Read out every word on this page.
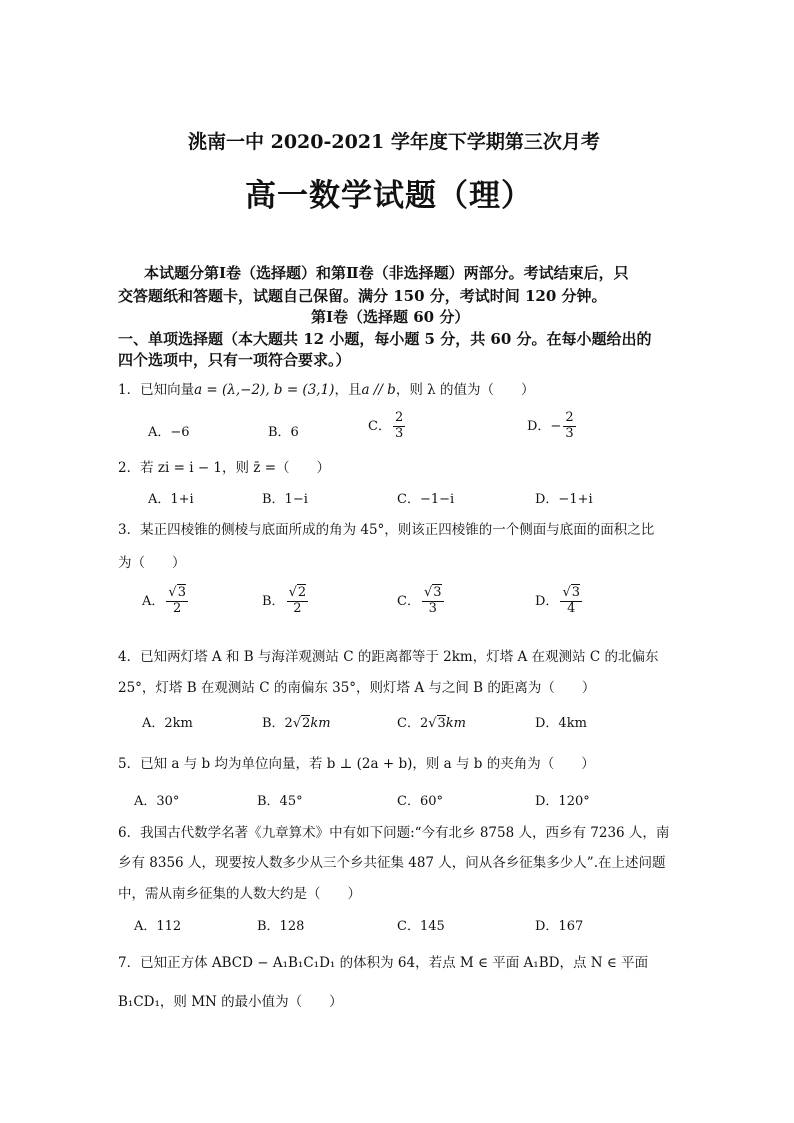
洮南一中 2020-2021 学年度下学期第三次月考
高一数学试题（理）
本试题分第Ⅰ卷（选择题）和第Ⅱ卷（非选择题）两部分。考试结束后，只
交答题纸和答题卡，试题自己保留。满分 150 分，考试时间 120 分钟。
第Ⅰ卷（选择题 60 分）
一、单项选择题（本大题共 12 小题，每小题 5 分，共 60 分。在每小题给出的
四个选项中，只有一项符合要求。）
1．已知向量a = (λ,−2), b = (3,1)，且a // b，则 λ 的值为（　　）
A．−6	B．6	C． $\frac{2}{3}$	D．− $\frac{2}{3}$
2．若 zi = i − 1，则 z̄ =（　　）
A．1+i	B．1−i	C．−1−i	D．−1+i
3．某正四棱锥的侧棱与底面所成的角为 45°，则该正四棱锥的一个侧面与底面的面积之比
为（　　）
A． $\frac{√3}{2}$	B． $\frac{√2}{2}$	C． $\frac{√3}{3}$	D． $\frac{√3}{4}$
4．已知两灯塔 A 和 B 与海洋观测站 C 的距离都等于 2km，灯塔 A 在观测站 C 的北偏东
25°，灯塔 B 在观测站 C 的南偏东 35°，则灯塔 A 与之间 B 的距离为（　　）
A．2km	B．2√2km	C．2√3km	D．4km
5．已知 a 与 b 均为单位向量，若 b ⊥ (2a + b)，则 a 与 b 的夹角为（　　）
A．30°	B．45°	C．60°	D．120°
6．我国古代数学名著《九章算术》中有如下问题:“今有北乡 8758 人，西乡有 7236 人，南
乡有 8356 人，现要按人数多少从三个乡共征集 487 人，问从各乡征集多少人”.在上述问题
中，需从南乡征集的人数大约是（　　）
A．112	B．128	C．145	D．167
7．已知正方体 ABCD − A₁B₁C₁D₁ 的体积为 64，若点 M ∈ 平面 A₁BD，点 N ∈ 平面
B₁CD₁，则 MN 的最小值为（　　）
